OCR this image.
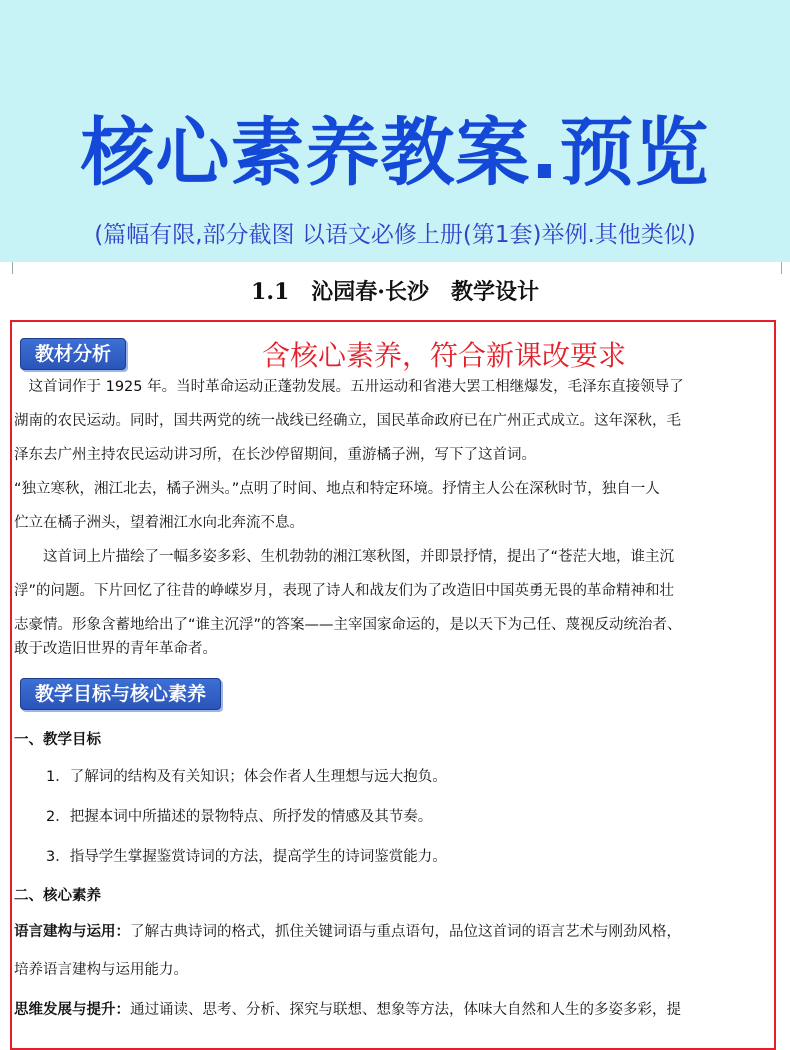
核心素养教案.预览
(篇幅有限,部分截图 以语文必修上册(第1套)举例.其他类似)
1.1　沁园春·长沙　教学设计
教材分析	含核心素养，符合新课改要求
　这首词作于 1925 年。当时革命运动正蓬勃发展。五卅运动和省港大罢工相继爆发，毛泽东直接领导了
湖南的农民运动。同时，国共两党的统一战线已经确立，国民革命政府已在广州正式成立。这年深秋，毛
泽东去广州主持农民运动讲习所，在长沙停留期间，重游橘子洲，写下了这首词。
“独立寒秋，湘江北去，橘子洲头。”点明了时间、地点和特定环境。抒情主人公在深秋时节，独自一人
伫立在橘子洲头，望着湘江水向北奔流不息。
　　这首词上片描绘了一幅多姿多彩、生机勃勃的湘江寒秋图，并即景抒情，提出了“苍茫大地，谁主沉
浮”的问题。下片回忆了往昔的峥嵘岁月，表现了诗人和战友们为了改造旧中国英勇无畏的革命精神和壮
志豪情。形象含蓄地给出了“谁主沉浮”的答案——主宰国家命运的，是以天下为己任、蔑视反动统治者、
敢于改造旧世界的青年革命者。
教学目标与核心素养
一、教学目标
1．了解词的结构及有关知识；体会作者人生理想与远大抱负。
2．把握本词中所描述的景物特点、所抒发的情感及其节奏。
3．指导学生掌握鉴赏诗词的方法，提高学生的诗词鉴赏能力。
二、核心素养
语言建构与运用：了解古典诗词的格式，抓住关键词语与重点语句，品位这首词的语言艺术与刚劲风格，
培养语言建构与运用能力。
思维发展与提升：通过诵读、思考、分析、探究与联想、想象等方法，体味大自然和人生的多姿多彩，提
